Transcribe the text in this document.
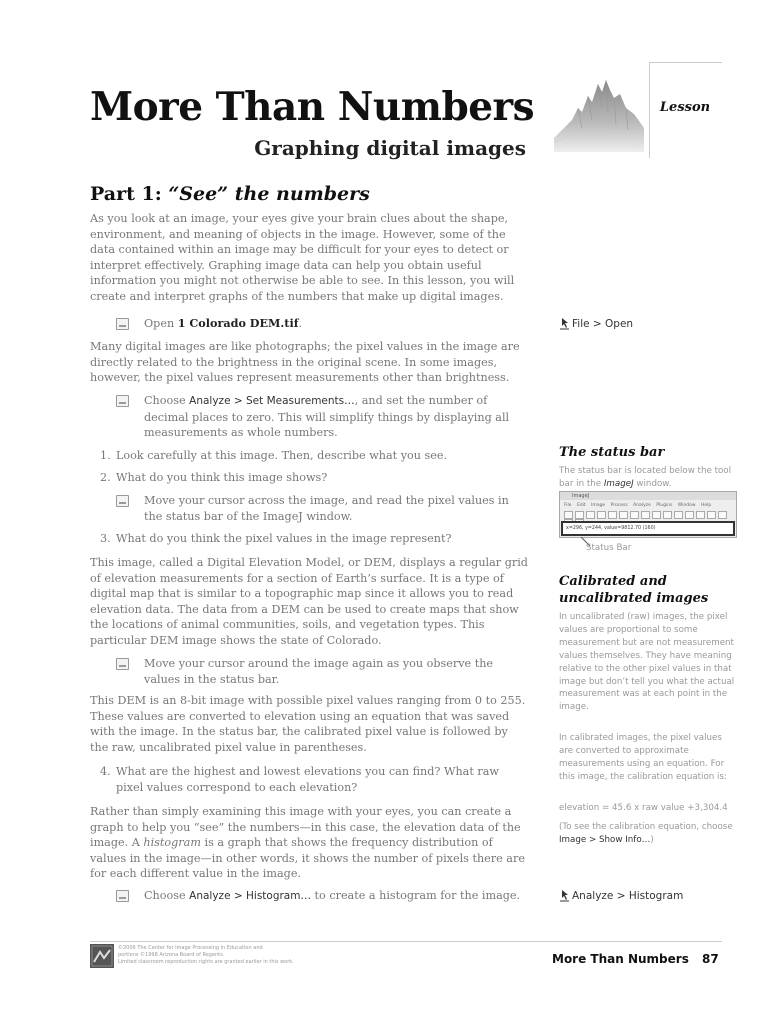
More Than Numbers
Graphing digital images
Lesson
Part 1: “See” the numbers

As you look at an image, your eyes give your brain clues about the shape, environment, and meaning of objects in the image. However, some of the data contained within an image may be difficult for your eyes to detect or interpret effectively. Graphing image data can help you obtain useful information you might not otherwise be able to see. In this lesson, you will create and interpret graphs of the numbers that make up digital images.

Open 1 Colorado DEM.tif.	File > Open

Many digital images are like photographs; the pixel values in the image are directly related to the brightness in the original scene. In some images, however, the pixel values represent measurements other than brightness.

Choose Analyze > Set Measurements…, and set the number of decimal places to zero. This will simplify things by displaying all measurements as whole numbers.
1. Look carefully at this image. Then, describe what you see.
2. What do you think this image shows?
Move your cursor across the image, and read the pixel values in the status bar of the ImageJ window.
3. What do you think the pixel values in the image represent?

This image, called a Digital Elevation Model, or DEM, displays a regular grid of elevation measurements for a section of Earth’s surface. It is a type of digital map that is similar to a topographic map since it allows you to read elevation data. The data from a DEM can be used to create maps that show the locations of animal communities, soils, and vegetation types. This particular DEM image shows the state of Colorado.

Move your cursor around the image again as you observe the values in the status bar.

This DEM is an 8-bit image with possible pixel values ranging from 0 to 255. These values are converted to elevation using an equation that was saved with the image. In the status bar, the calibrated pixel value is followed by the raw, uncalibrated pixel value in parentheses.

4. What are the highest and lowest elevations you can find? What raw pixel values correspond to each elevation?

Rather than simply examining this image with your eyes, you can create a graph to help you “see” the numbers—in this case, the elevation data of the image. A histogram is a graph that shows the frequency distribution of values in the image—in other words, it shows the number of pixels there are for each different value in the image.

Choose Analyze > Histogram… to create a histogram for the image.	Analyze > Histogram
The status bar

The status bar is located below the tool bar in the ImageJ window.

ImageJ
File Edit Image Process Analyze Plugins Window Help
x=296, y=244, value=9812.70 (160)
Status Bar
Calibrated and
uncalibrated images

In uncalibrated (raw) images, the pixel values are proportional to some measurement but are not measurement values themselves. They have meaning relative to the other pixel values in that image but don’t tell you what the actual measurement was at each point in the image.

In calibrated images, the pixel values are converted to approximate measurements using an equation. For this image, the calibration equation is:

elevation = 45.6 x raw value +3,304.4

(To see the calibration equation, choose Image > Show Info…)

©2006 The Center for Image Processing in Education and
portions ©1998 Arizona Board of Regents.
Limited classroom reproduction rights are granted earlier in this work.	More Than Numbers 87
